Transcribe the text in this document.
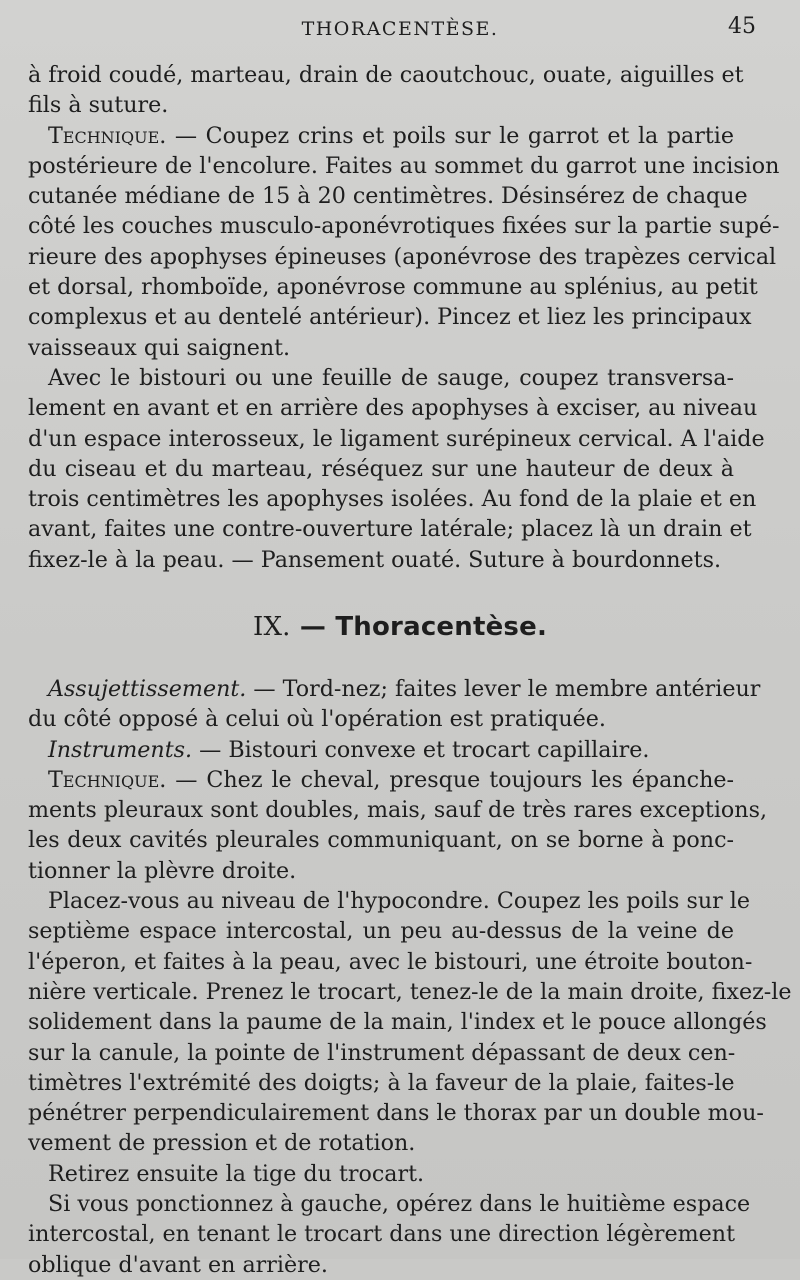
THORACENTÈSE.	45
à froid coudé, marteau, drain de caoutchouc, ouate, aiguilles et
fils à suture.
Technique. — Coupez crins et poils sur le garrot et la partie
postérieure de l'encolure. Faites au sommet du garrot une incision
cutanée médiane de 15 à 20 centimètres. Désinsérez de chaque
côté les couches musculo-aponévrotiques fixées sur la partie supé-
rieure des apophyses épineuses (aponévrose des trapèzes cervical
et dorsal, rhomboïde, aponévrose commune au splénius, au petit
complexus et au dentelé antérieur). Pincez et liez les principaux
vaisseaux qui saignent.
Avec le bistouri ou une feuille de sauge, coupez transversa-
lement en avant et en arrière des apophyses à exciser, au niveau
d'un espace interosseux, le ligament surépineux cervical. A l'aide
du ciseau et du marteau, réséquez sur une hauteur de deux à
trois centimètres les apophyses isolées. Au fond de la plaie et en
avant, faites une contre-ouverture latérale; placez là un drain et
fixez-le à la peau. — Pansement ouaté. Suture à bourdonnets.
IX. — Thoracentèse.
Assujettissement. — Tord-nez; faites lever le membre antérieur
du côté opposé à celui où l'opération est pratiquée.
Instruments. — Bistouri convexe et trocart capillaire.
Technique. — Chez le cheval, presque toujours les épanche-
ments pleuraux sont doubles, mais, sauf de très rares exceptions,
les deux cavités pleurales communiquant, on se borne à ponc-
tionner la plèvre droite.
Placez-vous au niveau de l'hypocondre. Coupez les poils sur le
septième espace intercostal, un peu au-dessus de la veine de
l'éperon, et faites à la peau, avec le bistouri, une étroite bouton-
nière verticale. Prenez le trocart, tenez-le de la main droite, fixez-le
solidement dans la paume de la main, l'index et le pouce allongés
sur la canule, la pointe de l'instrument dépassant de deux cen-
timètres l'extrémité des doigts; à la faveur de la plaie, faites-le
pénétrer perpendiculairement dans le thorax par un double mou-
vement de pression et de rotation.
Retirez ensuite la tige du trocart.
Si vous ponctionnez à gauche, opérez dans le huitième espace
intercostal, en tenant le trocart dans une direction légèrement
oblique d'avant en arrière.
